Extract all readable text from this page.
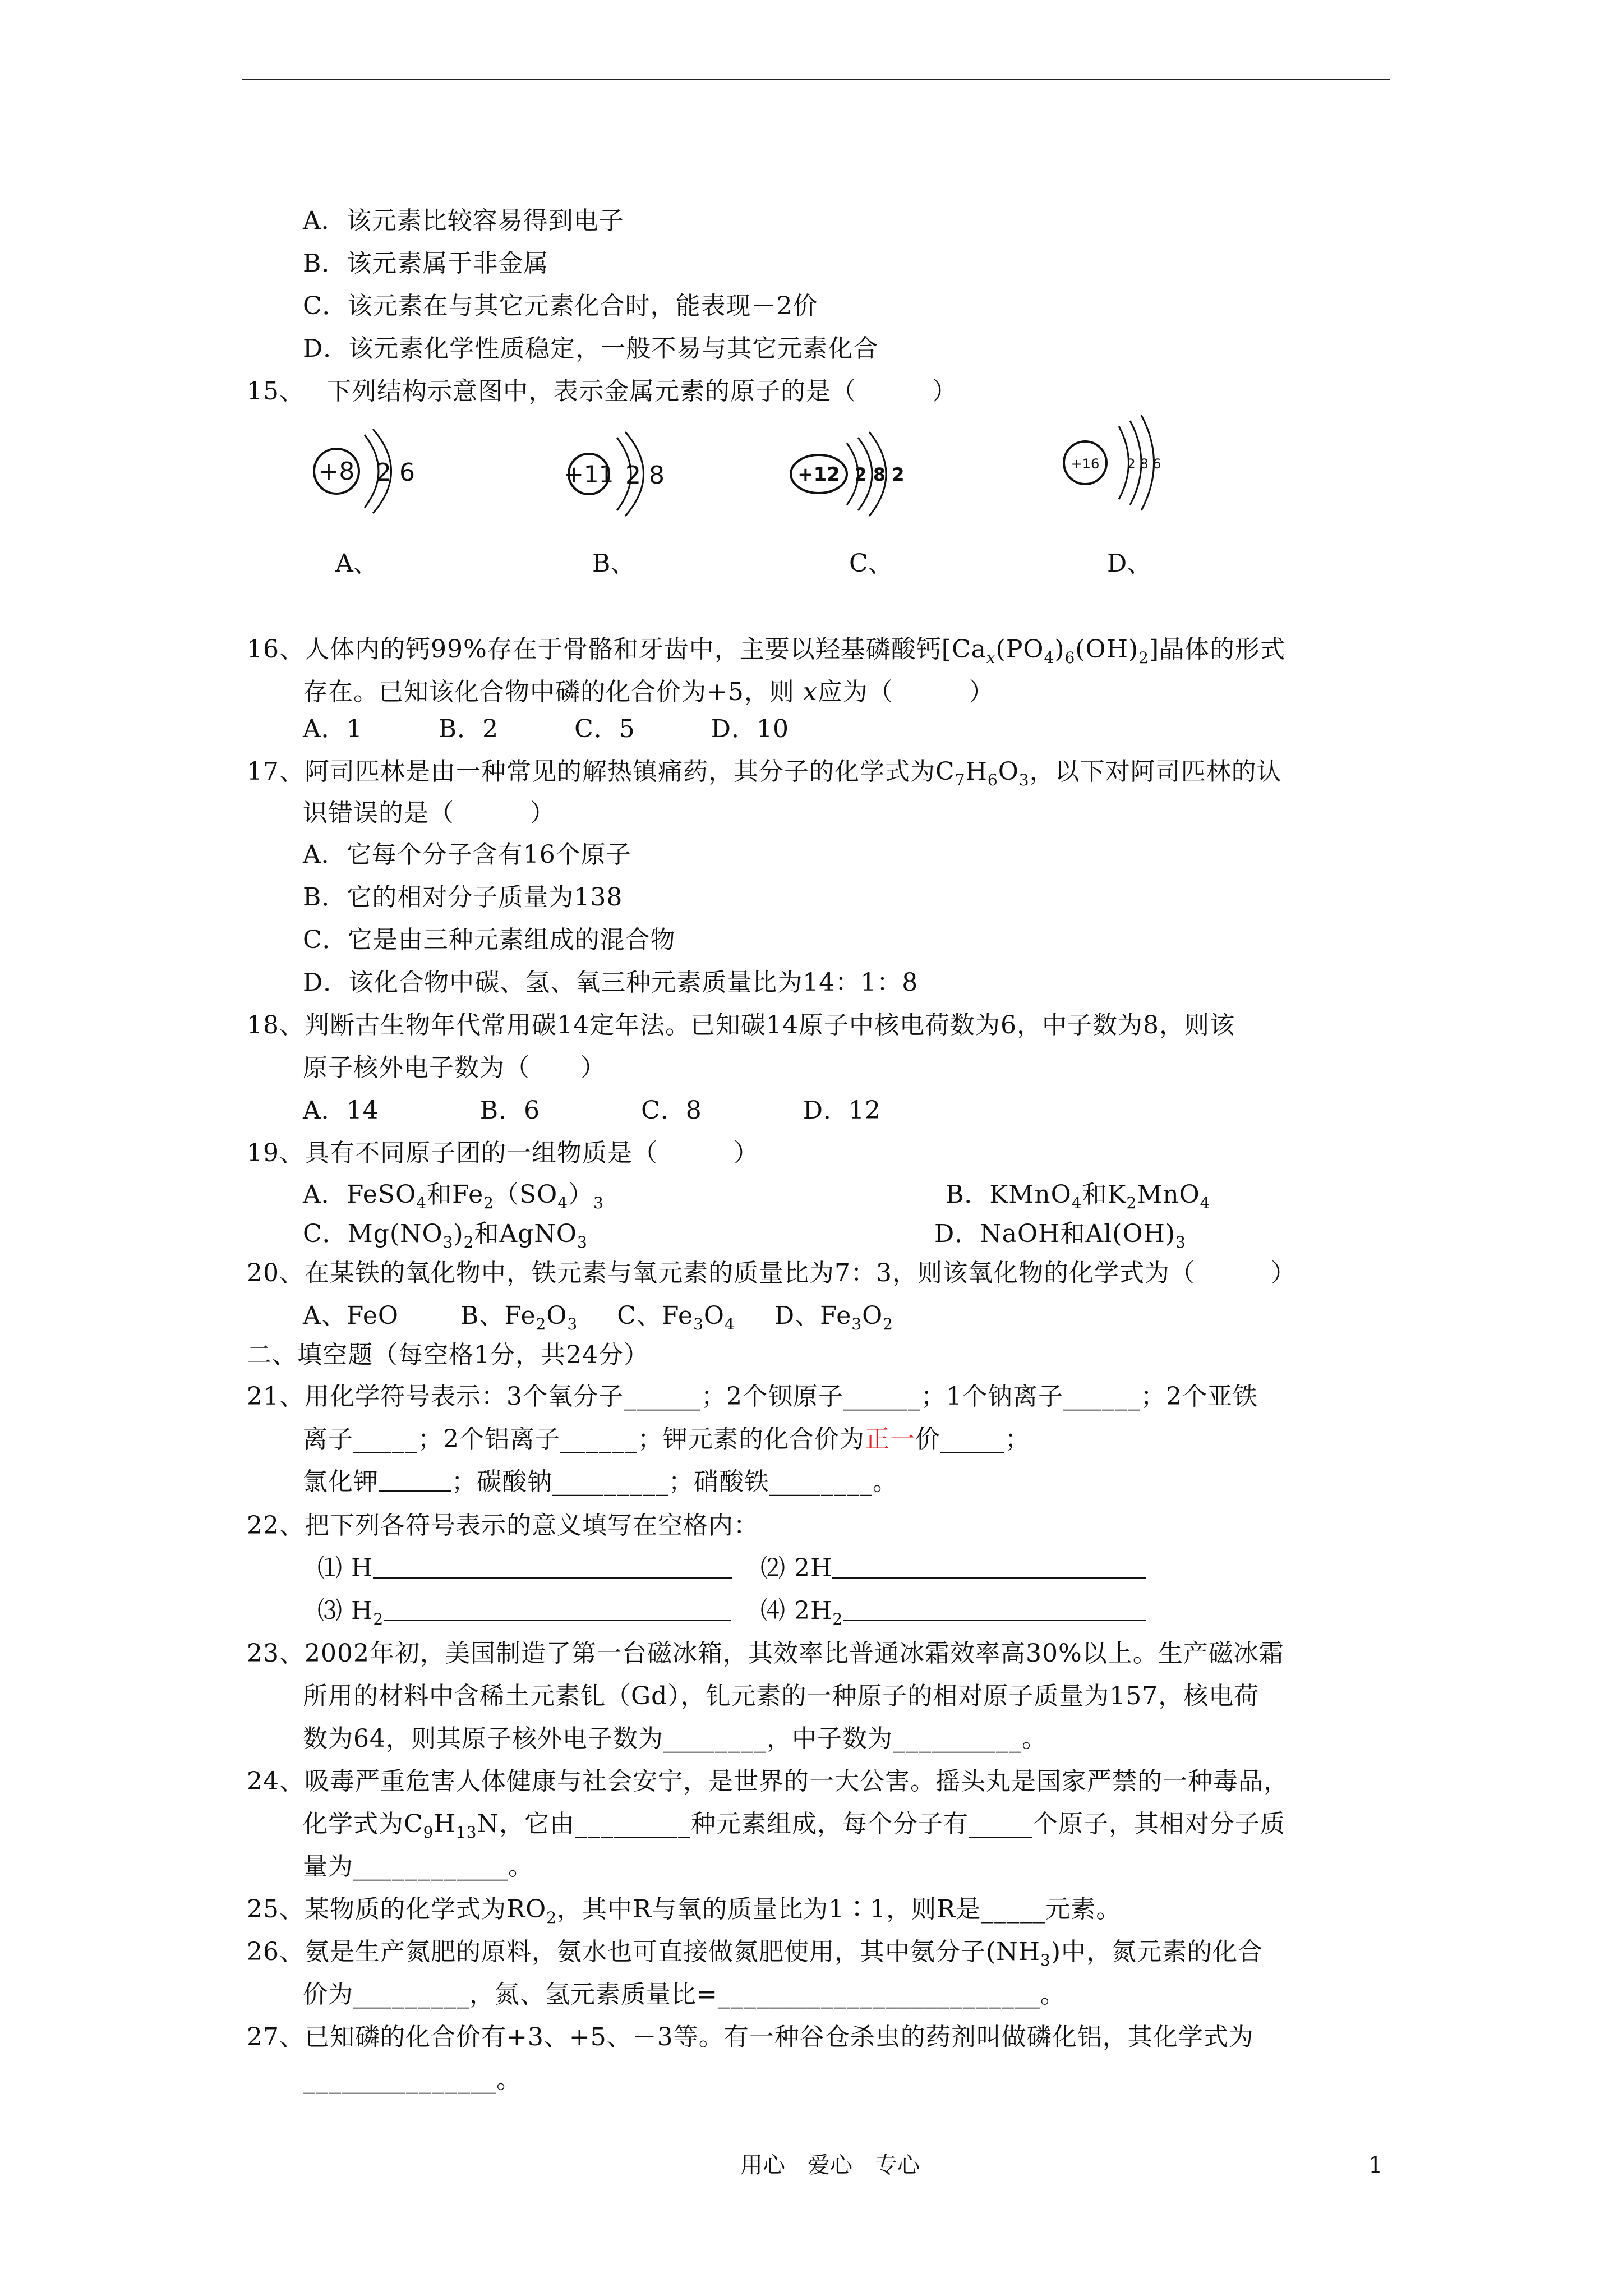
A．该元素比较容易得到电子
B．该元素属于非金属
C．该元素在与其它元素化合时，能表现－2价
D．该元素化学性质稳定，一般不易与其它元素化合
15、 下列结构示意图中，表示金属元素的原子的是（　　　）
+8 2 6
A、
+11 2 8
B、
+12 2 8 2
C、
+16 2 8 6
D、
16、人体内的钙99%存在于骨骼和牙齿中，主要以羟基磷酸钙$[Ca_x(PO_4)_6(OH)_2]$晶体的形式
存在。已知该化合物中磷的化合价为+5，则 x应为（　　　）
A．1　　　B．2　　　C．5　　　D．10
17、阿司匹林是由一种常见的解热镇痛药，其分子的化学式为$C_7H_6O_3$，以下对阿司匹林的认
识错误的是（　　　）
A．它每个分子含有16个原子
B．它的相对分子质量为138
C．它是由三种元素组成的混合物
D．该化合物中碳、氢、氧三种元素质量比为14：1：8
18、判断古生物年代常用碳14定年法。已知碳14原子中核电荷数为6，中子数为8，则该
原子核外电子数为（　　）
A．14　　　　B．6　　　　C．8　　　　D．12
19、具有不同原子团的一组物质是（　　　）
A．FeSO$_4$和$Fe_2(SO_4)_3$	B．KMnO$_4$和$K_2MnO_4$
C．$Mg(NO_3)_2$和AgNO$_3$	D．NaOH和$Al(OH)_3$
20、在某铁的氧化物中，铁元素与氧元素的质量比为7：3，则该氧化物的化学式为（　　　）
A、FeO	B、$Fe_2O_3$ C、$Fe_3O_4$ D、$Fe_3O_2$
二、填空题（每空格1分，共24分）
21、用化学符号表示：3个氧分子______；2个钡原子______；1个钠离子______；2个亚铁
离子_____；2个铝离子______；钾元素的化合价为正一价_____；
氯化钾	；碳酸钠_________；硝酸铁________。
22、把下列各符号表示的意义填写在空格内：
⑴ H	⑵ 2H
⑶ $H_2$	⑷ $2H_2$
23、2002年初，美国制造了第一台磁冰箱，其效率比普通冰霜效率高30%以上。生产磁冰霜
所用的材料中含稀土元素钆（Gd），钆元素的一种原子的相对原子质量为157，核电荷
数为64，则其原子核外电子数为________，中子数为__________。
24、吸毒严重危害人体健康与社会安宁，是世界的一大公害。摇头丸是国家严禁的一种毒品，
化学式为$C_9H_{13}N$，它由_________种元素组成，每个分子有_____个原子，其相对分子质
量为____________。
25、某物质的化学式为$RO_2$，其中R与氧的质量比为1∶1，则R是_____元素。
26、氨是生产氮肥的原料，氨水也可直接做氮肥使用，其中氨分子$(NH_3)$中，氮元素的化合
价为_________，氮、氢元素质量比=_________________________。
27、已知磷的化合价有+3、+5、－3等。有一种谷仓杀虫的药剂叫做磷化铝，其化学式为
_______________。
用心　爱心　专心	1
